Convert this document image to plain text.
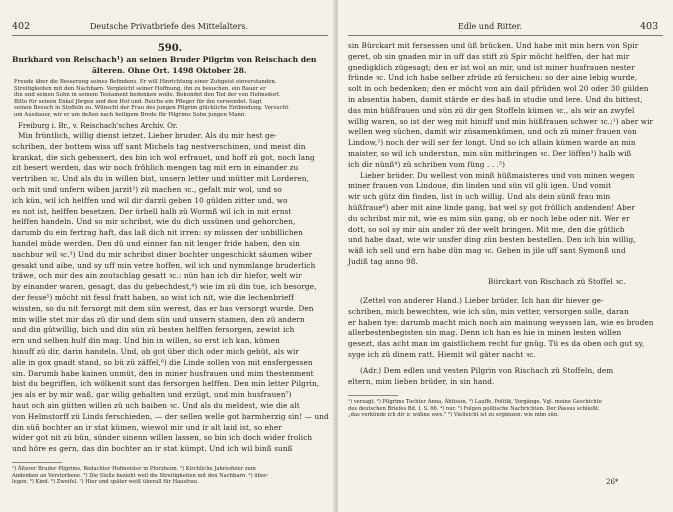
402	Deutsche Privatbriefe des Mittelalters.
590.
Burkhard von Reischach¹) an seinen Bruder Pilgrim von Reischach den
älteren. Ohne Ort. 1498 Oktober 28.
Freude über die Besserung seines Befindens. Er will Hinrichtung einer Zuhgeist einverstanden.
Streitigkeiten mit den Nachbarn. Vergleicht seiner Hoffnung, ihn zu besuchen, ein Bauer er
ihn und seinen Sohn in seinem Testament bedenken wolle. Bekundet den Tod der von Helmsdorf.
Bitte für seinen Enkel Jörgen und den Hof und. Reiche ein Pfleger für ihn verwendet. Sagt
seinen Besuch in Stoffeln zu. Wünscht der Frau des jungen Pilgrim glückliche Entbindung. Versucht
um Ausdauer, wir er um deßen nach heiligem Brede für Pilgrims Sohn jungen Mann.
Freiburg i. Br., v. Reischach'sches Archiv. Or.
Min früntlich, willig dienst ietzet. Lieber bruder. Als du mir hest ge-
schriben, der bottem wiss uff sant Michels tag nestverschinen, und meist din
krankat, die sich gebessert, des bin ich wol erfrauet, und hoff zü got, noch lang
zit besert werden, das wir noch fröhlich mengen tag mit ern in einander zu
vertriben ꝛc. Und als du in willen bist, unsern letter und mütter mit Lorderen,
och mit und unfern wiben jarzit²) zü machen ꝛc., gefalt mir wol, und so
ich kün, wil ich helffen und wil dir darzü geben 10 gülden zitter und, wo
es not ist, helffen besetzen. Der ürbell halb zü Wormß wil ich in mit ernst
helffen handeln. Und so mir schribst, wie du dich ussünen und gehorchen,
darumb du ein fertrag haft, das laß dich nit irren: sy müssen der unbillichen
handel müde werden. Den dü und einner fan nit lenger fride haben, den sin
nachbur wil ꝛc.³) Und du mir schribst diner bochter ungeschickt säumen wiber
gesakt und aibe, und sy uff min vetre hoffen, wil ich und nymmlange bruderlich
träwe, och mir des ain zoutschlag gesatt ꝛc.: nün han ich dir hiefor, welt wir
by einander waren, gesagt, das du gebechdest,⁴) wie im zü din tue, ich besorge,
der fesse⁵) möcht nit fessl fratt haben, so wist ich nit, wie die lechenbrieff
wissten, so du nit fersorgt mit dem sün werest, das er bas versorgt wurde. Den
min wille stet mir das zü dir und dem sün und unsern stamen, den zü andern
und din gütwillig, bich und din sün zü besten helffen fersorgen, zewist ich
ern und selben hulf din mag. Und bin in willen, so erst ich kan, kümen
hinuff zü dir, darin handeln. Und, ob got über dich oder mich gebüt, als wir
alle in gox gnadt stand, so bü zü zäffel,⁶) die Linde sollen von mit ensfergessen
sin. Darumb habe kainen unmüt, den in miner husfrauen und mim thestenment
bist du begriffen, ich wölkenit sunt das fersorgen helffen. Den min letter Pilgrin,
jes als er by mir waß, gar wilig gehalten und erzügt, und min husfrauen⁷)
haut och ain gütten willen zü uch baiben ꝛc. Und als du meldest, wie die alt
von Helmstorff zü Linds ferschieden, — der sellen welle got barmherzig sin! — und
din süñ bochter an ir stat kümen, wiewol mir und ir alt laid ist, so eher
wider got nit zü bün, sünder sinenn willen lassen, so bin ich doch wider frolich
und höre es gern, das din bochter an ir stat kümpt. Und ich wil binß sunß
¹) Älterer Bruder Pilgrims, Bedachter Hofmeister in Pforzheim. ²) Kirchliche Jahresfeier zum
Andenken an Verstorbene. ³) Die Stelle bezieht weil die Streitigkeiten mit den Nachbarn. ⁴) über-
legen. ⁵) Kind. ⁶) Zweifel. ⁷) Hier und später weiß überall für Hausfrau.
Edle und Ritter.	403
sin Bürckart mit fersessen und üß brücken. Und habe mit min hern von Spir
geret, ob sin gnaden mir in uff das stift zü Spir möcht helffen, der hat mir
gnedigklich zügesagt; den er ist wol an mir, und ist miner husfrauen nester
fründe ꝛc. Und ich habe selber zfrüde zü fersicheu: so der aine lebig wurde,
solt in och bedenken; den er möcht von ain dail pfrüden wol 20 oder 30 gülden
in absentia haben, damit stärde er des baß in studie und lere. Und du bittest,
das min hüßfrauen und sün zü dir gen Stoffeln kümen ꝛc., als wir an zwyfel
willig waren, so ist der weg mit hinuff und min hüßfrauen schwer ꝛc.;¹) aber wir
wellen weg süchen, damit wir züsamenkümen, und och zü miner frauen von
Lindow,²) noch der will ser fer longt. Und so ich allain kümen warde an min
maister, so wil ich understun, min sün mitbringen ꝛc. Der löffen³) halb wiß
ich dir nünß⁴) zü schriben vom füng . . .⁵)
Lieber brüder. Du wellest von minß hüßmaisteres und von minen wegen
miner frauen von Lindoue, din linden und sün vil glü igen. Und vomit
wir uch gütz din finden, list in uch willig. Und als dein sünß frau min
hüßfraue⁶) aber mit aine linde gang, bat wel sy got fröllich andenden! Aber
du schribst mir nit, wie es mim sün gang, ob er noch lebe oder nit. Wer er
dott, so sol sy mir ain ander zü der welt bringen. Mit me, den die gütlich
und habe daat, wie wir unsfer ding zün besten bestellen. Den ich bin willig,
wäß ich sell und ern habe dün mag ꝛc. Geben in jile uff sant Symonß und
Judiß tag anno 98.
Bürckart von Rischach zü Stoffel ꝛc.
(Zettel von anderer Hand.) Lieber brüder. Ich han dir hiever ge-
schriben, mich bewechten, wie ich sün, min vetter, versorgen solle, daran
er haben tye: darumb macht mich noch ain mainung weyssen lan, wie es broden
allerbestenbegisten sin mag. Denn ich han es hie in minen lesten willen
gesezt, das acht man im gaistlichem recht fur gnüg. Tü es da oben och gut sy,
syge ich zü dinem ratt. Hiemit wil gäter nacht ꝛc.
(Adr.) Dem edlen und vesten Pilgrin von Rischach zü Stoffeln, dem
eltern, mim lieben brüder, in sin hand.
¹) verzagt. ²) Pilgrims Tochter Anna, Äbtissin. ³) Lauffe, Politik, Vorgänge. Vgl. meine Geschichte
des deutschen Briefes Bd. I, S. 66. ⁴) nur. ⁵) Folgen politische Nachrichten. Der Passus schließt:
„das verkünde ich dir ic wähne uwe." ⁶) Vielleicht ist zu ergänzen: wie mim sün.
26*
